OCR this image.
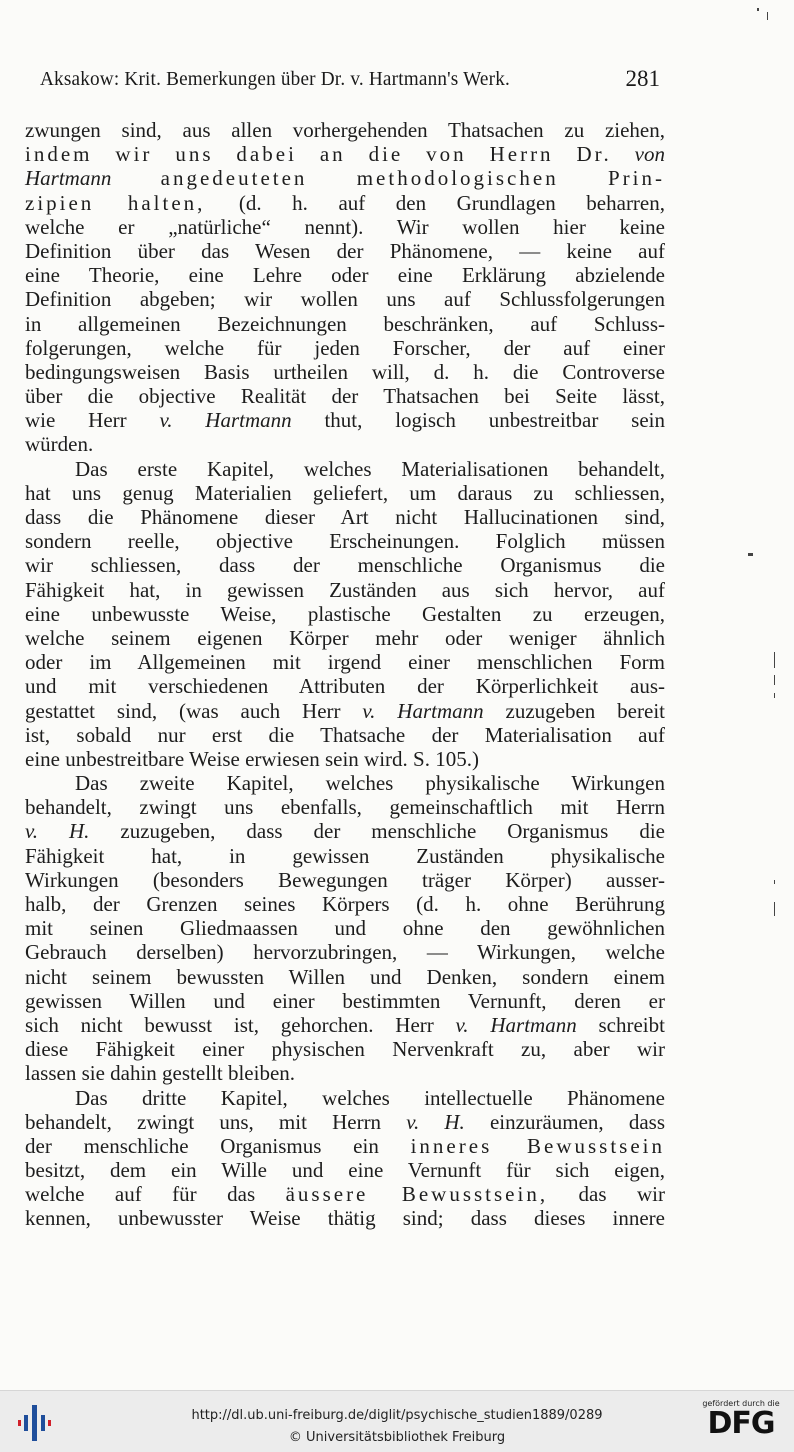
Aksakow: Krit. Bemerkungen über Dr. v. Hartmann's Werk.	281
zwungen sind, aus allen vorhergehenden Thatsachen zu ziehen,
indem wir uns dabei an die von Herrn Dr. von
Hartmann angedeuteten methodologischen Prin-
zipien halten, (d. h. auf den Grundlagen beharren,
welche er „natürliche“ nennt). Wir wollen hier keine
Definition über das Wesen der Phänomene, — keine auf
eine Theorie, eine Lehre oder eine Erklärung abzielende
Definition abgeben; wir wollen uns auf Schlussfolgerungen
in allgemeinen Bezeichnungen beschränken, auf Schluss-
folgerungen, welche für jeden Forscher, der auf einer
bedingungsweisen Basis urtheilen will, d. h. die Controverse
über die objective Realität der Thatsachen bei Seite lässt,
wie Herr v. Hartmann thut, logisch unbestreitbar sein
würden.
Das erste Kapitel, welches Materialisationen behandelt,
hat uns genug Materialien geliefert, um daraus zu schliessen,
dass die Phänomene dieser Art nicht Hallucinationen sind,
sondern reelle, objective Erscheinungen. Folglich müssen
wir schliessen, dass der menschliche Organismus die
Fähigkeit hat, in gewissen Zuständen aus sich hervor, auf
eine unbewusste Weise, plastische Gestalten zu erzeugen,
welche seinem eigenen Körper mehr oder weniger ähnlich
oder im Allgemeinen mit irgend einer menschlichen Form
und mit verschiedenen Attributen der Körperlichkeit aus-
gestattet sind, (was auch Herr v. Hartmann zuzugeben bereit
ist, sobald nur erst die Thatsache der Materialisation auf
eine unbestreitbare Weise erwiesen sein wird. S. 105.)
Das zweite Kapitel, welches physikalische Wirkungen
behandelt, zwingt uns ebenfalls, gemeinschaftlich mit Herrn
v. H. zuzugeben, dass der menschliche Organismus die
Fähigkeit hat, in gewissen Zuständen physikalische
Wirkungen (besonders Bewegungen träger Körper) ausser-
halb, der Grenzen seines Körpers (d. h. ohne Berührung
mit seinen Gliedmaassen und ohne den gewöhnlichen
Gebrauch derselben) hervorzubringen, — Wirkungen, welche
nicht seinem bewussten Willen und Denken, sondern einem
gewissen Willen und einer bestimmten Vernunft, deren er
sich nicht bewusst ist, gehorchen. Herr v. Hartmann schreibt
diese Fähigkeit einer physischen Nervenkraft zu, aber wir
lassen sie dahin gestellt bleiben.
Das dritte Kapitel, welches intellectuelle Phänomene
behandelt, zwingt uns, mit Herrn v. H. einzuräumen, dass
der menschliche Organismus ein inneres Bewusstsein
besitzt, dem ein Wille und eine Vernunft für sich eigen,
welche auf für das äussere Bewusstsein, das wir
kennen, unbewusster Weise thätig sind; dass dieses innere
http://dl.ub.uni-freiburg.de/diglit/psychische_studien1889/0289
© Universitätsbibliothek Freiburg
gefördert durch die
DFG
